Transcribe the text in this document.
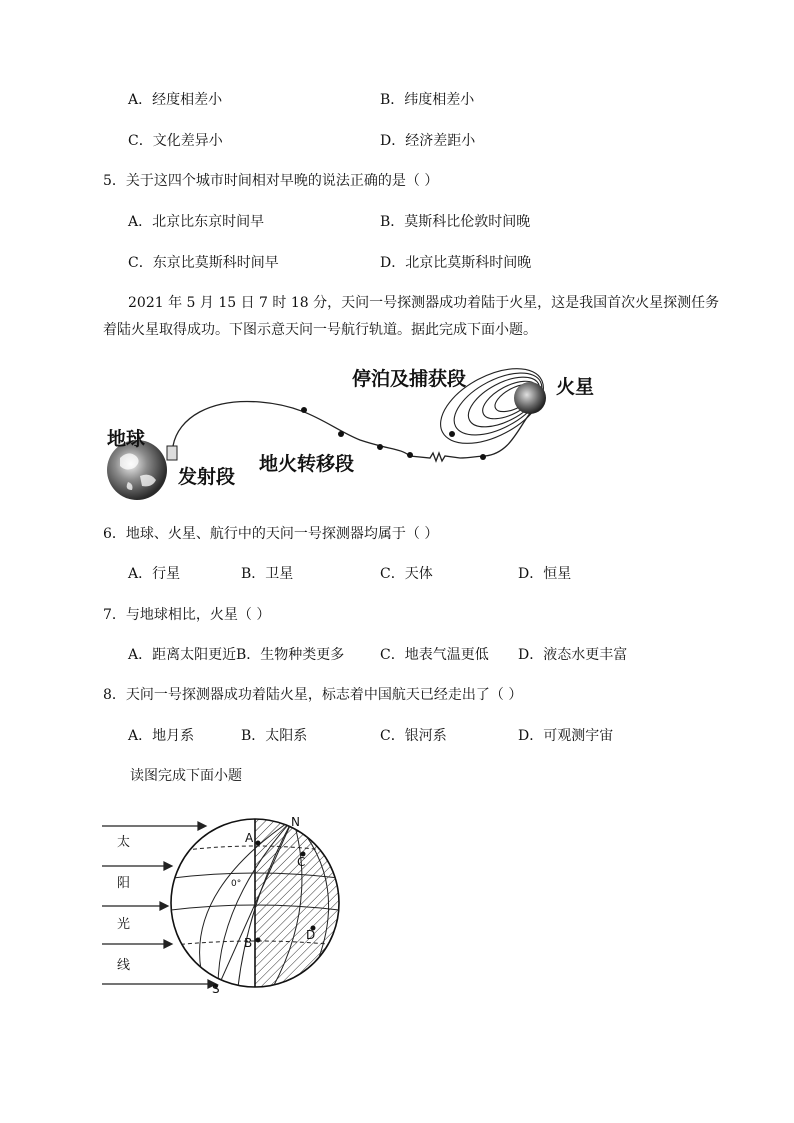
A．经度相差小	B．纬度相差小
C．文化差异小	D．经济差距小
5．关于这四个城市时间相对早晚的说法正确的是（ ）
A．北京比东京时间早	B．莫斯科比伦敦时间晚
C．东京比莫斯科时间早	D．北京比莫斯科时间晚
2021 年 5 月 15 日 7 时 18 分，天问一号探测器成功着陆于火星，这是我国首次火星探测任务
着陆火星取得成功。下图示意天问一号航行轨道。据此完成下面小题。
地球
发射段
地火转移段
停泊及捕获段	火星
6．地球、火星、航行中的天问一号探测器均属于（ ）
A．行星	B．卫星	C．天体	D．恒星
7．与地球相比，火星（ ）
A．距离太阳更近 B．生物种类更多	C．地表气温更低 D．液态水更丰富
8．天问一号探测器成功着陆火星，标志着中国航天已经走出了（ ）
A．地月系	B．太阳系	C．银河系	D．可观测宇宙
读图完成下面小题
太
阳
光
线
N
S
A
B
C
D
0°
